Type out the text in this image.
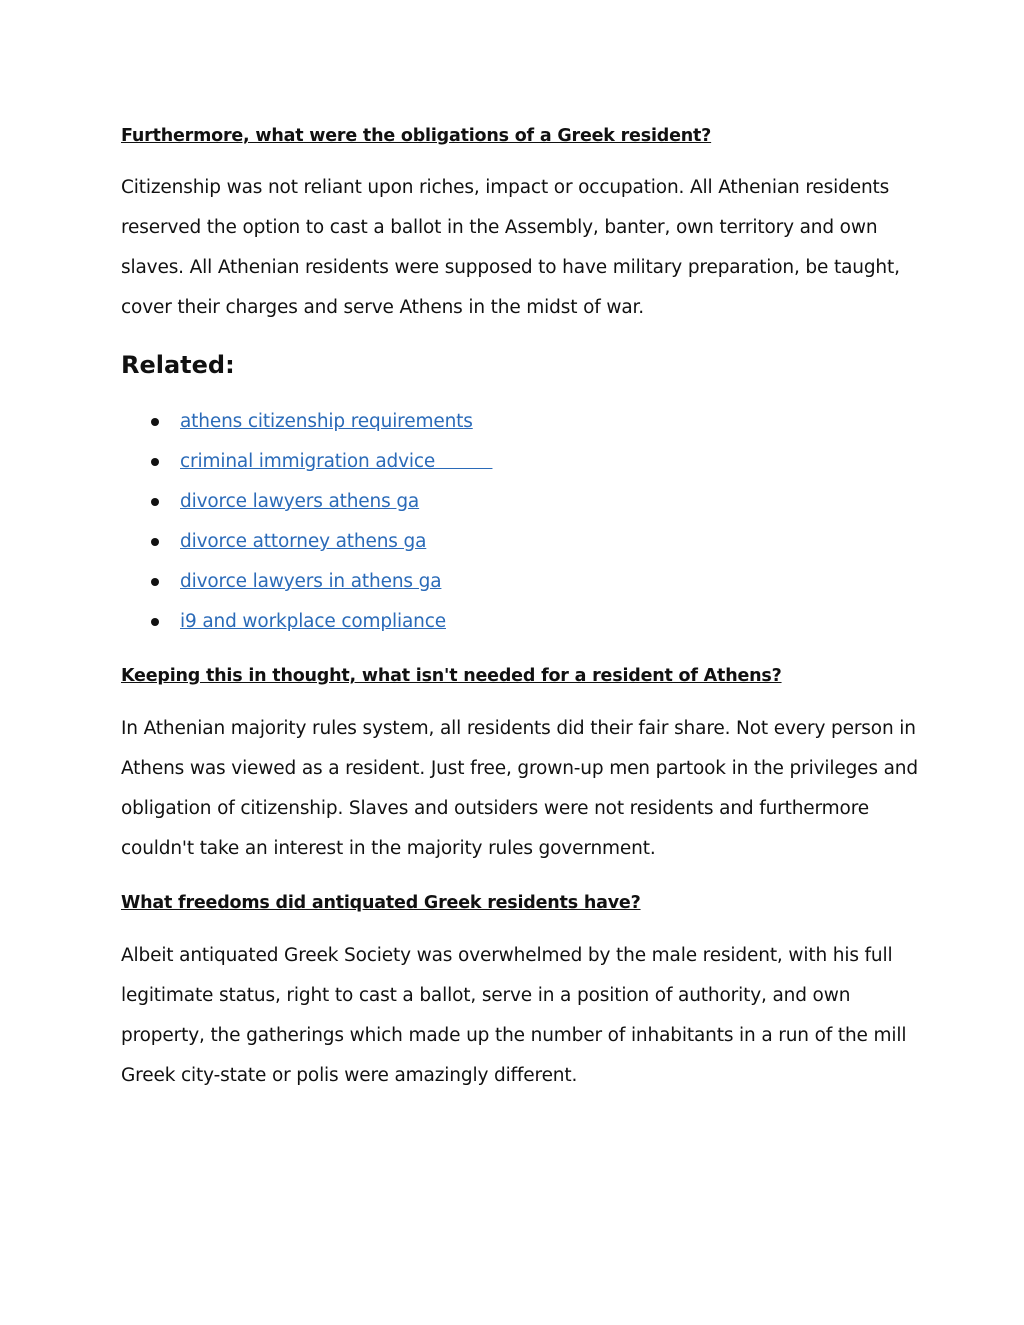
Furthermore, what were the obligations of a Greek resident?

Citizenship was not reliant upon riches, impact or occupation. All Athenian residents
reserved the option to cast a ballot in the Assembly, banter, own territory and own
slaves. All Athenian residents were supposed to have military preparation, be taught,
cover their charges and serve Athens in the midst of war.

Related:
athens citizenship requirements
criminal immigration advice
divorce lawyers athens ga
divorce attorney athens ga
divorce lawyers in athens ga
i9 and workplace compliance
Keeping this in thought, what isn't needed for a resident of Athens?

In Athenian majority rules system, all residents did their fair share. Not every person in
Athens was viewed as a resident. Just free, grown-up men partook in the privileges and
obligation of citizenship. Slaves and outsiders were not residents and furthermore
couldn't take an interest in the majority rules government.

What freedoms did antiquated Greek residents have?

Albeit antiquated Greek Society was overwhelmed by the male resident, with his full
legitimate status, right to cast a ballot, serve in a position of authority, and own
property, the gatherings which made up the number of inhabitants in a run of the mill
Greek city-state or polis were amazingly different.
